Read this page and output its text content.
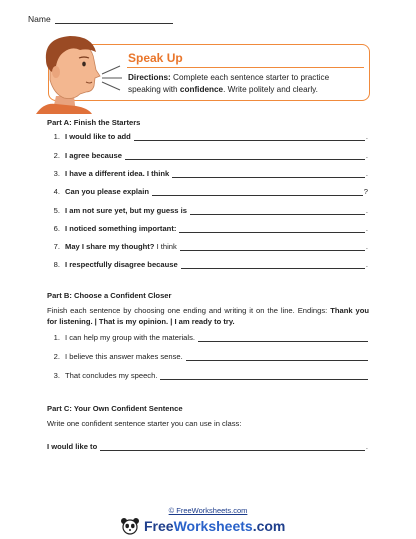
Name
Speak Up
Directions: Complete each sentence starter to practice speaking with confidence. Write politely and clearly.
Part A: Finish the Starters
1. I would like to add	.
2. I agree because	.
3. I have a different idea. I think	.
4. Can you please explain	?
5. I am not sure yet, but my guess is	.
6. I noticed something important:	.
7. May I share my thought? I think	.
8. I respectfully disagree because	.
Part B: Choose a Confident Closer
Finish each sentence by choosing one ending and writing it on the line. Endings: Thank you for listening. | That is my opinion. | I am ready to try.
1. I can help my group with the materials.
2. I believe this answer makes sense.
3. That concludes my speech.
Part C: Your Own Confident Sentence
Write one confident sentence starter you can use in class:
I would like to	.
© FreeWorksheets.com
FreeWorksheets.com
